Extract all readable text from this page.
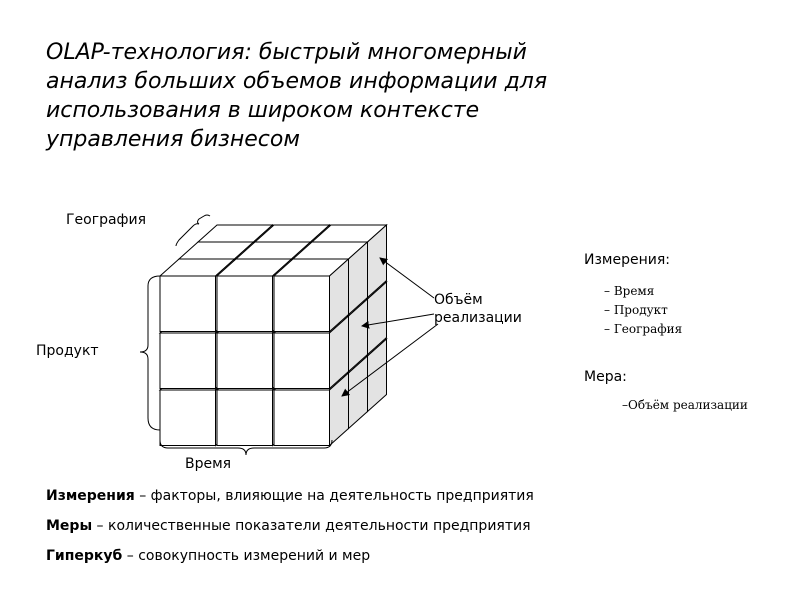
OLAP-технология: быстрый многомерный
анализ больших объемов информации для
использования в широком контексте
управления бизнесом
География
Продукт
Время
Объём
реализации
Измерения:
– Время
– Продукт
– География
Мера:
–Объём реализации
Измерения – факторы, влияющие на деятельность предприятия
Меры – количественные показатели деятельности предприятия
Гиперкуб – совокупность измерений и мер
